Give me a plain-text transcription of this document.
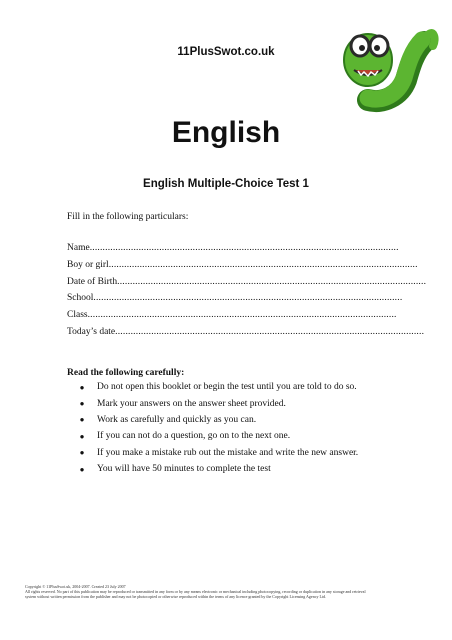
11PlusSwot.co.uk
English
English Multiple-Choice Test 1
Fill in the following particulars:
Name ........................................................................................................................
Boy or girl ........................................................................................................................
Date of Birth ........................................................................................................................
School ........................................................................................................................
Class ........................................................................................................................
Today’s date ........................................................................................................................
Read the following carefully:
●	Do not open this booklet or begin the test until you are told to do so.
●	Mark your answers on the answer sheet provided.
●	Work as carefully and quickly as you can.
●	If you can not do a question, go on to the next one.
●	If you make a mistake rub out the mistake and write the new answer.
●	You will have 50 minutes to complete the test
Copyright © 11PlusSwot.uk, 2004-2007. Created 23 July 2007
All rights reserved. No part of this publication may be reproduced or transmitted in any form or by any means electronic or mechanical including photocopying, recording or duplication in any storage and retrieval
system without written permission from the publisher and may not be photocopied or otherwise reproduced within the terms of any licence granted by the Copyright Licensing Agency Ltd.
